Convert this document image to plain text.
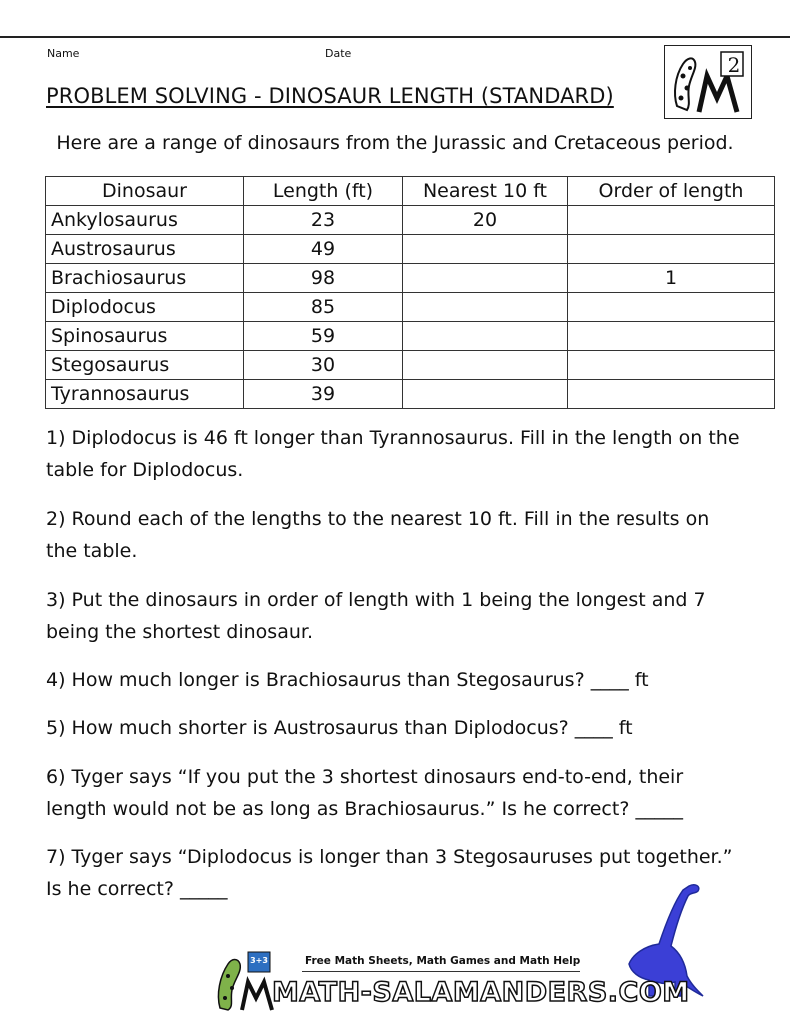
Name	Date
PROBLEM SOLVING - DINOSAUR LENGTH (STANDARD)
2
Here are a range of dinosaurs from the Jurassic and Cretaceous period.
Dinosaur	Length (ft)	Nearest 10 ft	Order of length
Ankylosaurus	23	20	
Austrosaurus	49		
Brachiosaurus	98		1
Diplodocus	85		
Spinosaurus	59		
Stegosaurus	30		
Tyrannosaurus	39		
1) Diplodocus is 46 ft longer than Tyrannosaurus. Fill in the length on the table for Diplodocus.
2) Round each of the lengths to the nearest 10 ft. Fill in the results on the table.
3) Put the dinosaurs in order of length with 1 being the longest and 7 being the shortest dinosaur.
4) How much longer is Brachiosaurus than Stegosaurus? ____ ft
5) How much shorter is Austrosaurus than Diplodocus? ____ ft
6) Tyger says “If you put the 3 shortest dinosaurs end-to-end, their length would not be as long as Brachiosaurus.” Is he correct? _____
7) Tyger says “Diplodocus is longer than 3 Stegosauruses put together.” Is he correct? _____
3+3	Free Math Sheets, Math Games and Math Help
MATH-SALAMANDERS.COM
